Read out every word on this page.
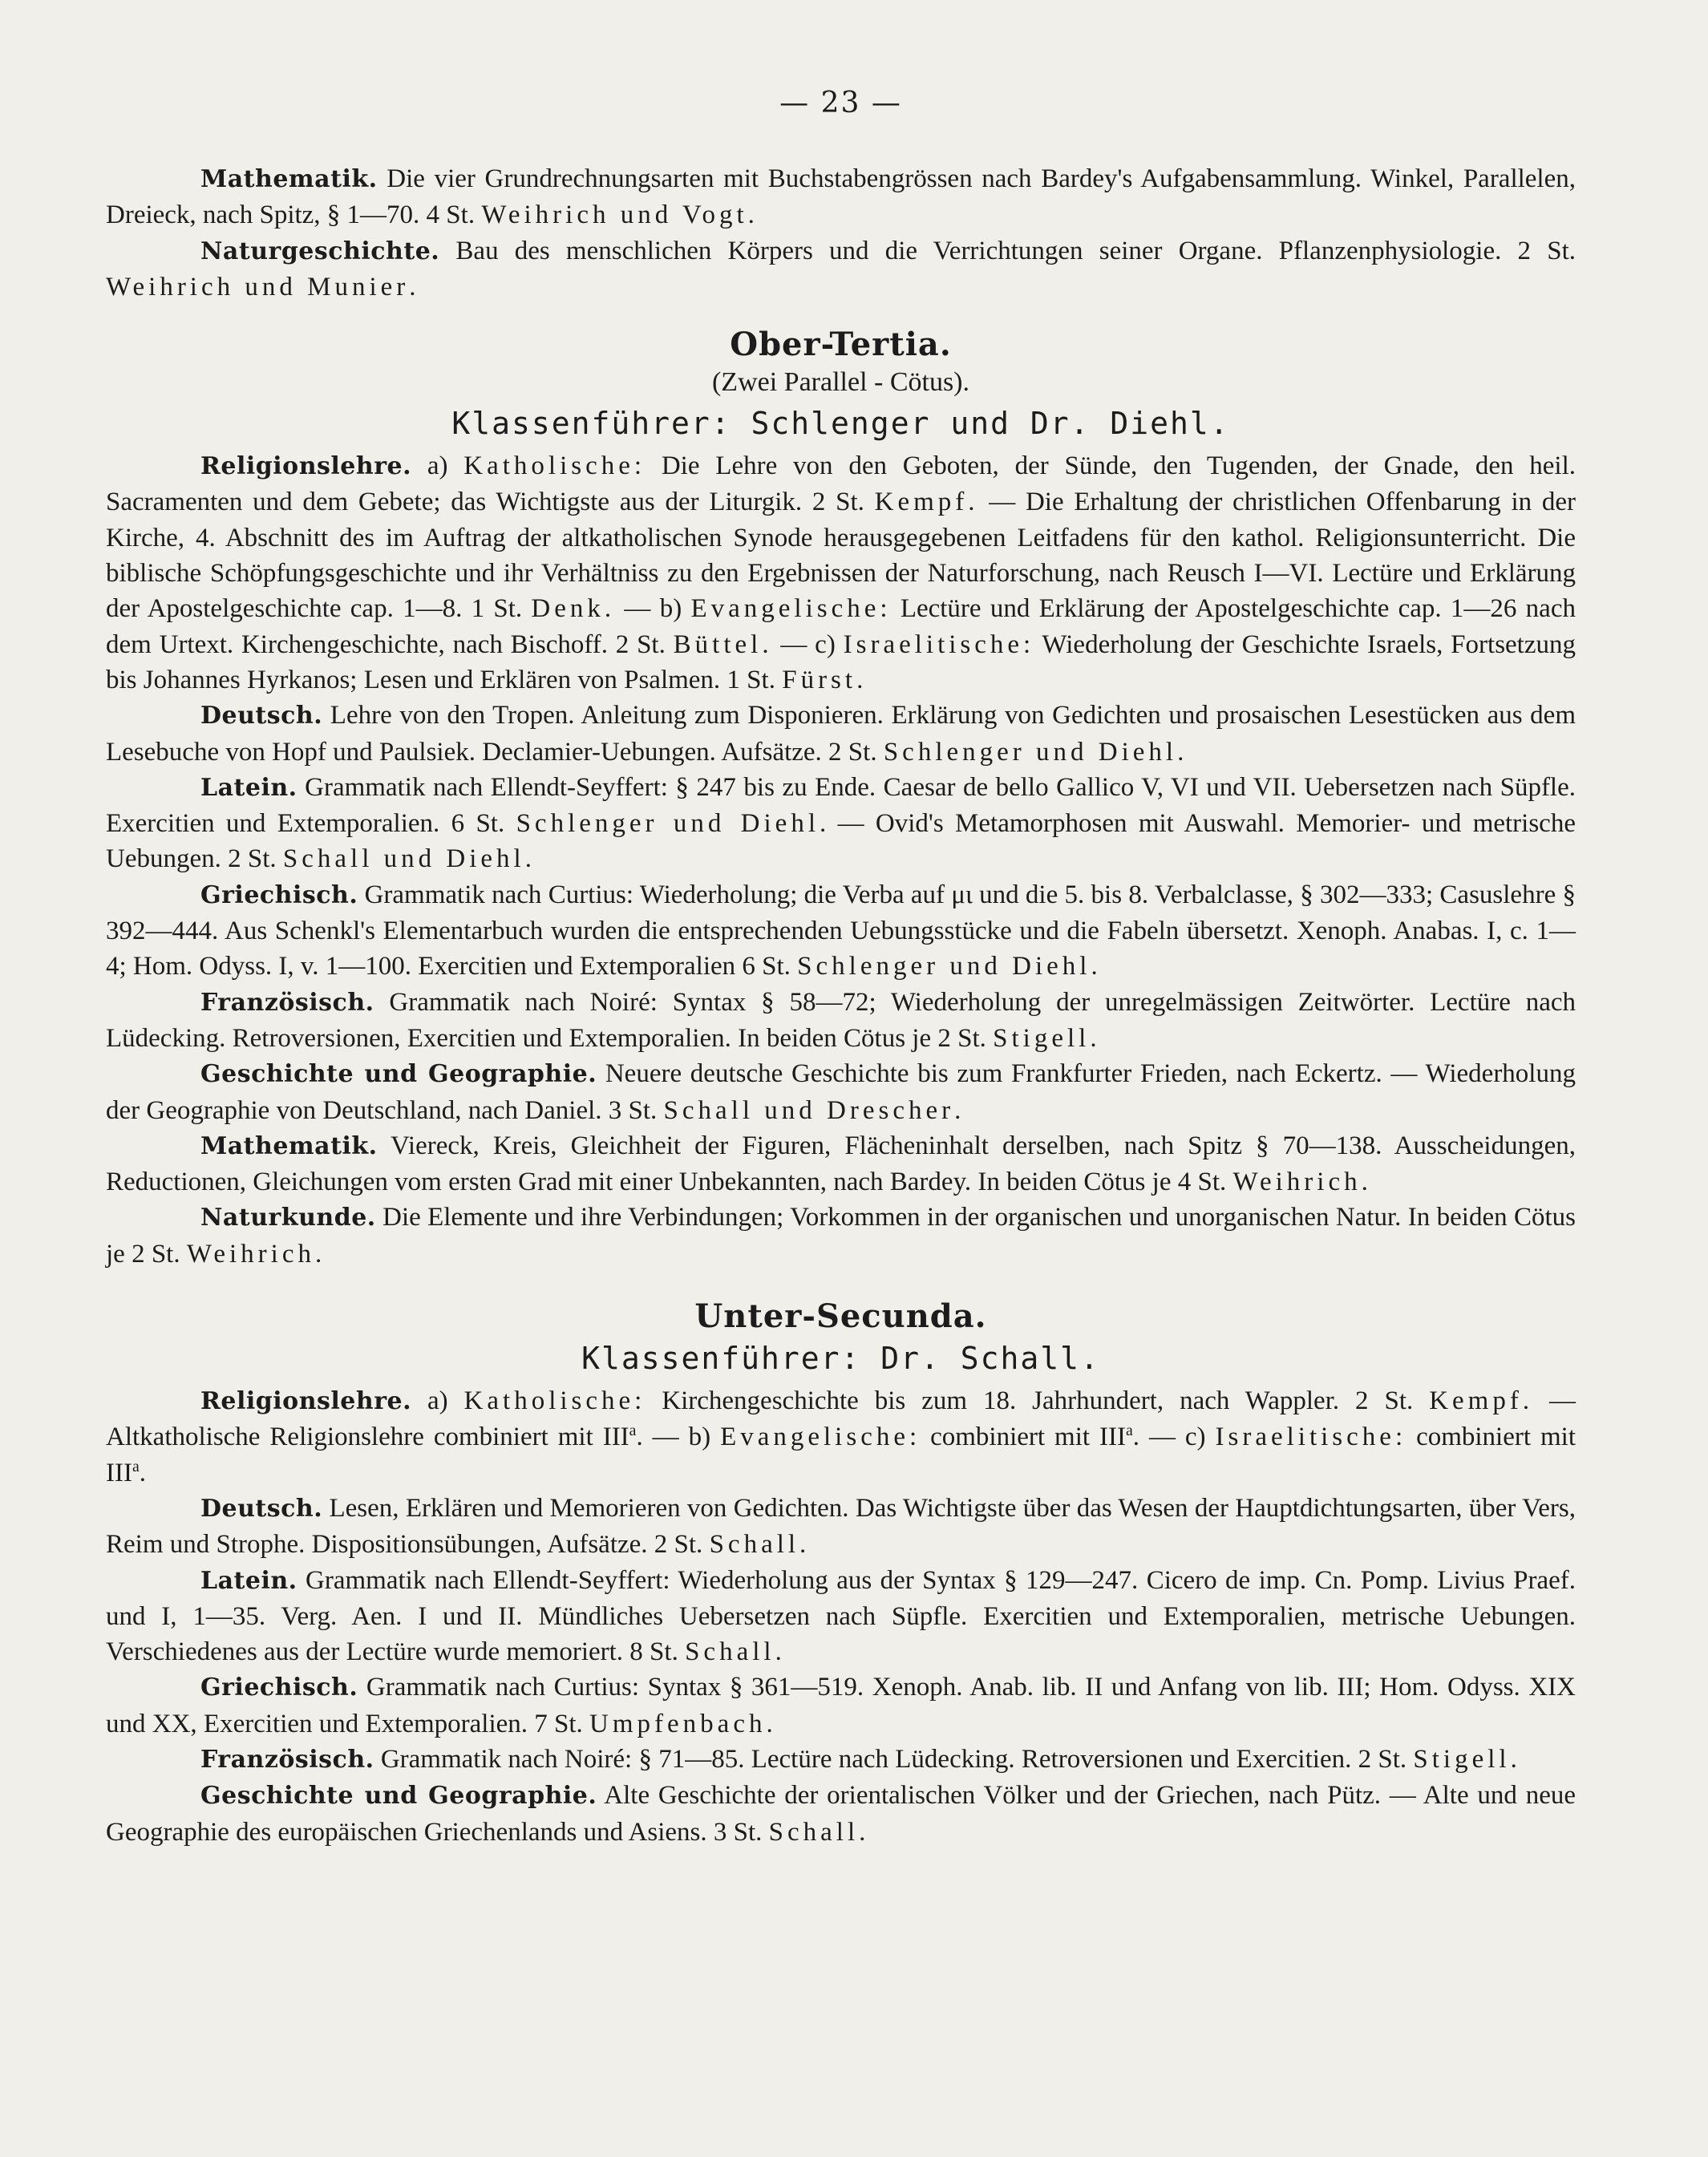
— 23 —

Mathematik. Die vier Grundrechnungsarten mit Buchstabengrössen nach Bardey's Aufgabensammlung. Winkel, Parallelen, Dreieck, nach Spitz, § 1—70. 4 St. Weihrich und Vogt.

Naturgeschichte. Bau des menschlichen Körpers und die Verrichtungen seiner Organe. Pflanzenphysiologie. 2 St. Weihrich und Munier.

Ober-Tertia.
(Zwei Parallel - Cötus).
Klassenführer: Schlenger und Dr. Diehl.

Religionslehre. a) Katholische: Die Lehre von den Geboten, der Sünde, den Tugenden, der Gnade, den heil. Sacramenten und dem Gebete; das Wichtigste aus der Liturgik. 2 St. Kempf. — Die Erhaltung der christlichen Offenbarung in der Kirche, 4. Abschnitt des im Auftrag der altkatholischen Synode herausgegebenen Leitfadens für den kathol. Religionsunterricht. Die biblische Schöpfungsgeschichte und ihr Verhältniss zu den Ergebnissen der Naturforschung, nach Reusch I—VI. Lectüre und Erklärung der Apostelgeschichte cap. 1—8. 1 St. Denk. — b) Evangelische: Lectüre und Erklärung der Apostelgeschichte cap. 1—26 nach dem Urtext. Kirchengeschichte, nach Bischoff. 2 St. Büttel. — c) Israelitische: Wiederholung der Geschichte Israels, Fortsetzung bis Johannes Hyrkanos; Lesen und Erklären von Psalmen. 1 St. Fürst.

Deutsch. Lehre von den Tropen. Anleitung zum Disponieren. Erklärung von Gedichten und prosaischen Lesestücken aus dem Lesebuche von Hopf und Paulsiek. Declamier-Uebungen. Aufsätze. 2 St. Schlenger und Diehl.

Latein. Grammatik nach Ellendt-Seyffert: § 247 bis zu Ende. Caesar de bello Gallico V, VI und VII. Uebersetzen nach Süpfle. Exercitien und Extemporalien. 6 St. Schlenger und Diehl. — Ovid's Metamorphosen mit Auswahl. Memorier- und metrische Uebungen. 2 St. Schall und Diehl.

Griechisch. Grammatik nach Curtius: Wiederholung; die Verba auf μι und die 5. bis 8. Verbalclasse, § 302—333; Casuslehre § 392—444. Aus Schenkl's Elementarbuch wurden die entsprechenden Uebungsstücke und die Fabeln übersetzt. Xenoph. Anabas. I, c. 1—4; Hom. Odyss. I, v. 1—100. Exercitien und Extemporalien 6 St. Schlenger und Diehl.

Französisch. Grammatik nach Noiré: Syntax § 58—72; Wiederholung der unregelmässigen Zeitwörter. Lectüre nach Lüdecking. Retroversionen, Exercitien und Extemporalien. In beiden Cötus je 2 St. Stigell.

Geschichte und Geographie. Neuere deutsche Geschichte bis zum Frankfurter Frieden, nach Eckertz. — Wiederholung der Geographie von Deutschland, nach Daniel. 3 St. Schall und Drescher.

Mathematik. Viereck, Kreis, Gleichheit der Figuren, Flächeninhalt derselben, nach Spitz § 70—138. Ausscheidungen, Reductionen, Gleichungen vom ersten Grad mit einer Unbekannten, nach Bardey. In beiden Cötus je 4 St. Weihrich.

Naturkunde. Die Elemente und ihre Verbindungen; Vorkommen in der organischen und unorganischen Natur. In beiden Cötus je 2 St. Weihrich.

Unter-Secunda.
Klassenführer: Dr. Schall.

Religionslehre. a) Katholische: Kirchengeschichte bis zum 18. Jahrhundert, nach Wappler. 2 St. Kempf. — Altkatholische Religionslehre combiniert mit III$^a$. — b) Evangelische: combiniert mit III$^a$. — c) Israelitische: combiniert mit III$^a$.

Deutsch. Lesen, Erklären und Memorieren von Gedichten. Das Wichtigste über das Wesen der Hauptdichtungsarten, über Vers, Reim und Strophe. Dispositionsübungen, Aufsätze. 2 St. Schall.

Latein. Grammatik nach Ellendt-Seyffert: Wiederholung aus der Syntax § 129—247. Cicero de imp. Cn. Pomp. Livius Praef. und I, 1—35. Verg. Aen. I und II. Mündliches Uebersetzen nach Süpfle. Exercitien und Extemporalien, metrische Uebungen. Verschiedenes aus der Lectüre wurde memoriert. 8 St. Schall.

Griechisch. Grammatik nach Curtius: Syntax § 361—519. Xenoph. Anab. lib. II und Anfang von lib. III; Hom. Odyss. XIX und XX, Exercitien und Extemporalien. 7 St. Umpfenbach.

Französisch. Grammatik nach Noiré: § 71—85. Lectüre nach Lüdecking. Retroversionen und Exercitien. 2 St. Stigell.

Geschichte und Geographie. Alte Geschichte der orientalischen Völker und der Griechen, nach Pütz. — Alte und neue Geographie des europäischen Griechenlands und Asiens. 3 St. Schall.
